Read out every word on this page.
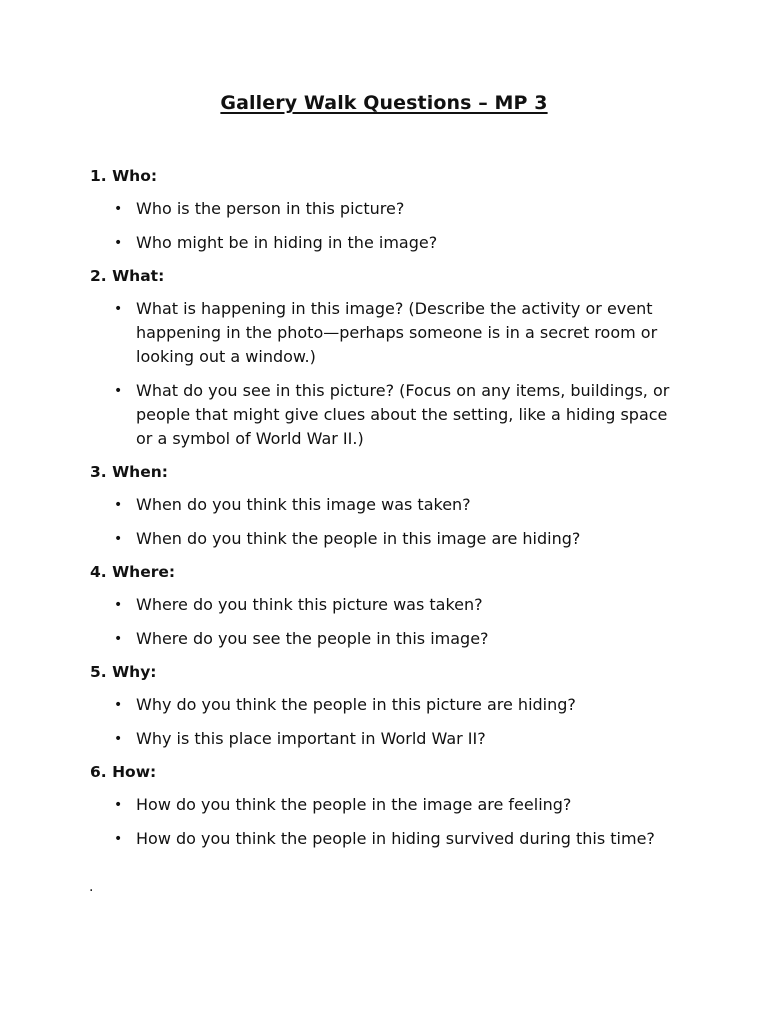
Gallery Walk Questions – MP 3
1. Who:
• Who is the person in this picture?
• Who might be in hiding in the image?
2. What:
• What is happening in this image? (Describe the activity or event happening in the photo—perhaps someone is in a secret room or looking out a window.)
• What do you see in this picture? (Focus on any items, buildings, or people that might give clues about the setting, like a hiding space or a symbol of World War II.)
3. When:
• When do you think this image was taken?
• When do you think the people in this image are hiding?
4. Where:
• Where do you think this picture was taken?
• Where do you see the people in this image?
5. Why:
• Why do you think the people in this picture are hiding?
• Why is this place important in World War II?
6. How:
• How do you think the people in the image are feeling?
• How do you think the people in hiding survived during this time?
.
